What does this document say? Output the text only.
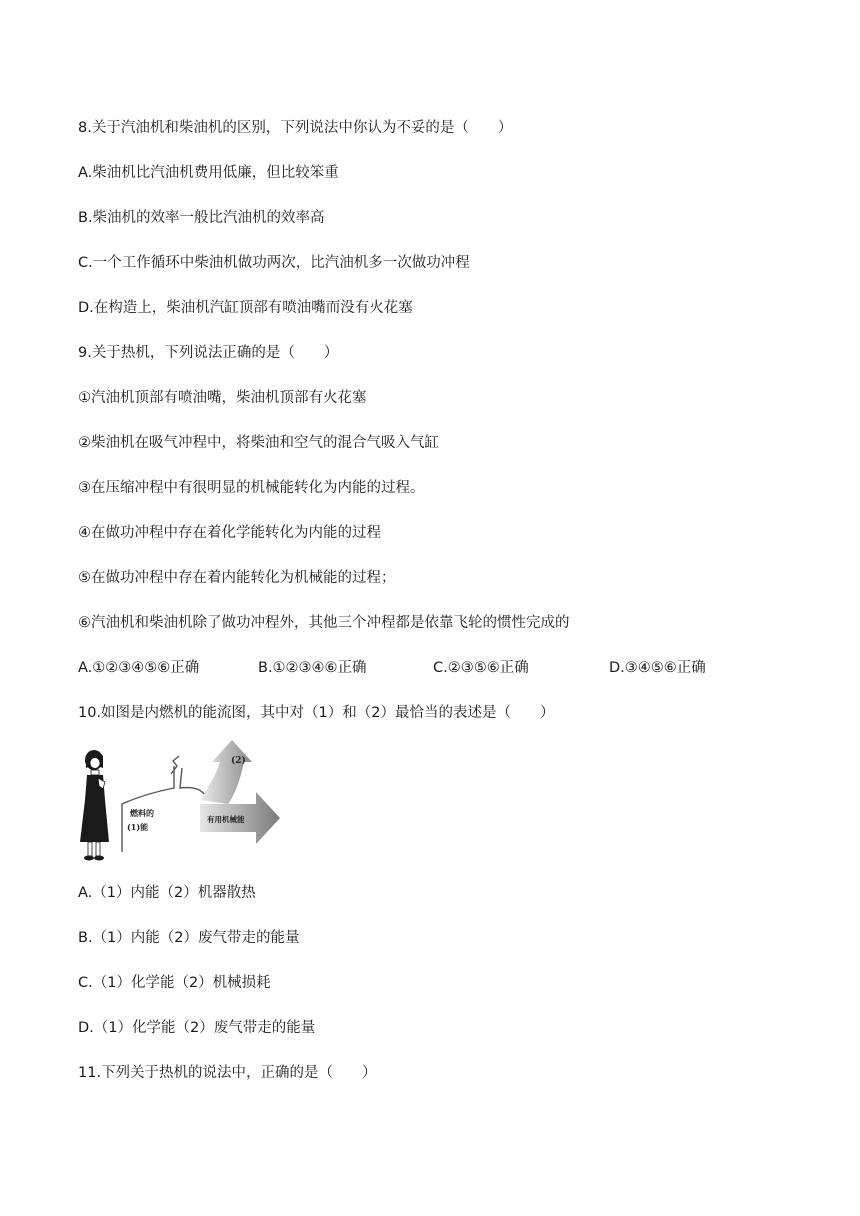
8.关于汽油机和柴油机的区别，下列说法中你认为不妥的是（　　）
A.柴油机比汽油机费用低廉，但比较笨重
B.柴油机的效率一般比汽油机的效率高
C.一个工作循环中柴油机做功两次，比汽油机多一次做功冲程
D.在构造上，柴油机汽缸顶部有喷油嘴而没有火花塞
9.关于热机，下列说法正确的是（　　）
①汽油机顶部有喷油嘴，柴油机顶部有火花塞
②柴油机在吸气冲程中，将柴油和空气的混合气吸入气缸
③在压缩冲程中有很明显的机械能转化为内能的过程。
④在做功冲程中存在着化学能转化为内能的过程
⑤在做功冲程中存在着内能转化为机械能的过程；
⑥汽油机和柴油机除了做功冲程外，其他三个冲程都是依靠飞轮的惯性完成的
A.①②③④⑤⑥正确	B.①②③④⑥正确	C.②③⑤⑥正确	D.③④⑤⑥正确
10.如图是内燃机的能流图，其中对（1）和（2）最恰当的表述是（　　）
燃料的
(1)能
(2)
有用机械能
A.（1）内能（2）机器散热
B.（1）内能（2）废气带走的能量
C.（1）化学能（2）机械损耗
D.（1）化学能（2）废气带走的能量
11.下列关于热机的说法中，正确的是（　　）
